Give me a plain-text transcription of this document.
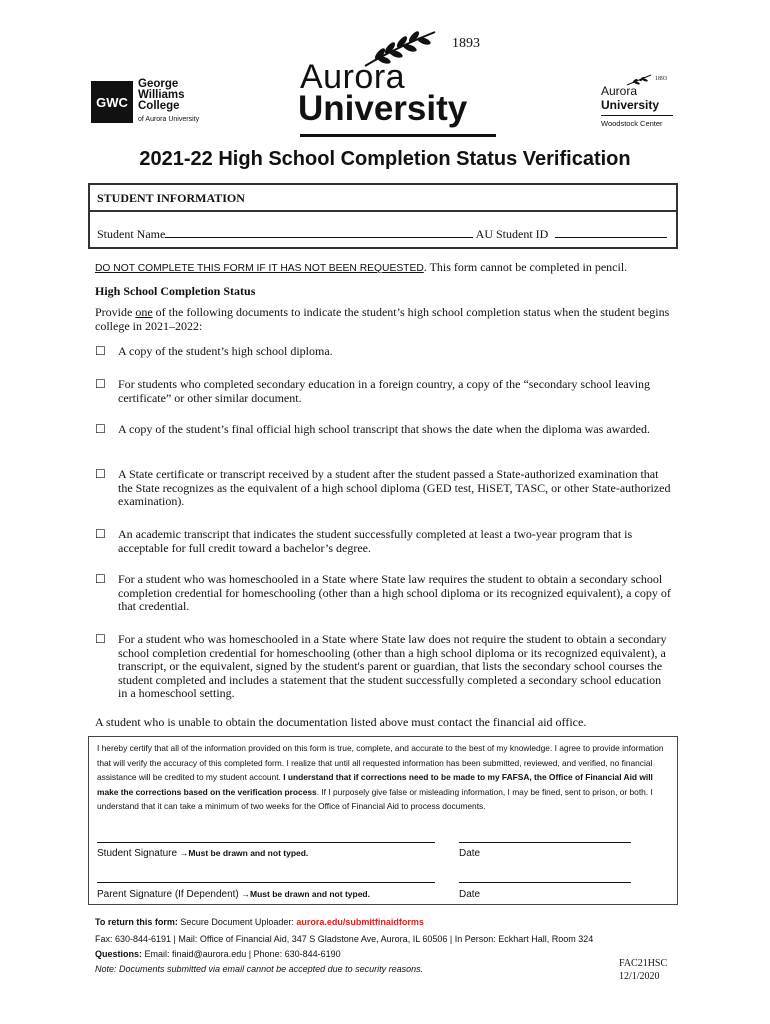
GWC
George
Williams
College
of Aurora University
1893
Aurora
University
1893
Aurora
University
Woodstock Center
2021-22 High School Completion Status Verification
STUDENT INFORMATION
Student Name	AU Student ID
DO NOT COMPLETE THIS FORM IF IT HAS NOT BEEN REQUESTED. This form cannot be completed in pencil.
High School Completion Status
Provide one of the following documents to indicate the student’s high school completion status when the student begins college in 2021–2022:
☐ A copy of the student’s high school diploma.
☐ For students who completed secondary education in a foreign country, a copy of the “secondary school leaving certificate” or other similar document.
☐ A copy of the student’s final official high school transcript that shows the date when the diploma was awarded.
☐ A State certificate or transcript received by a student after the student passed a State-authorized examination that the State recognizes as the equivalent of a high school diploma (GED test, HiSET, TASC, or other State-authorized examination).
☐ An academic transcript that indicates the student successfully completed at least a two-year program that is acceptable for full credit toward a bachelor’s degree.
☐ For a student who was homeschooled in a State where State law requires the student to obtain a secondary school completion credential for homeschooling (other than a high school diploma or its recognized equivalent), a copy of that credential.
☐ For a student who was homeschooled in a State where State law does not require the student to obtain a secondary school completion credential for homeschooling (other than a high school diploma or its recognized equivalent), a transcript, or the equivalent, signed by the student's parent or guardian, that lists the secondary school courses the student completed and includes a statement that the student successfully completed a secondary school education in a homeschool setting.
A student who is unable to obtain the documentation listed above must contact the financial aid office.
I hereby certify that all of the information provided on this form is true, complete, and accurate to the best of my knowledge. I agree to provide information that will verify the accuracy of this completed form. I realize that until all requested information has been submitted, reviewed, and verified, no financial assistance will be credited to my student account. I understand that if corrections need to be made to my FAFSA, the Office of Financial Aid will make the corrections based on the verification process. If I purposely give false or misleading information, I may be fined, sent to prison, or both. I understand that it can take a minimum of two weeks for the Office of Financial Aid to process documents.
Student Signature →Must be drawn and not typed.	Date
Parent Signature (If Dependent) →Must be drawn and not typed.	Date
To return this form: Secure Document Uploader: aurora.edu/submitfinaidforms
Fax: 630-844-6191 | Mail: Office of Financial Aid, 347 S Gladstone Ave, Aurora, IL 60506 | In Person: Eckhart Hall, Room 324
Questions: Email: finaid@aurora.edu | Phone: 630-844-6190
Note: Documents submitted via email cannot be accepted due to security reasons.	FAC21HSC
12/1/2020
